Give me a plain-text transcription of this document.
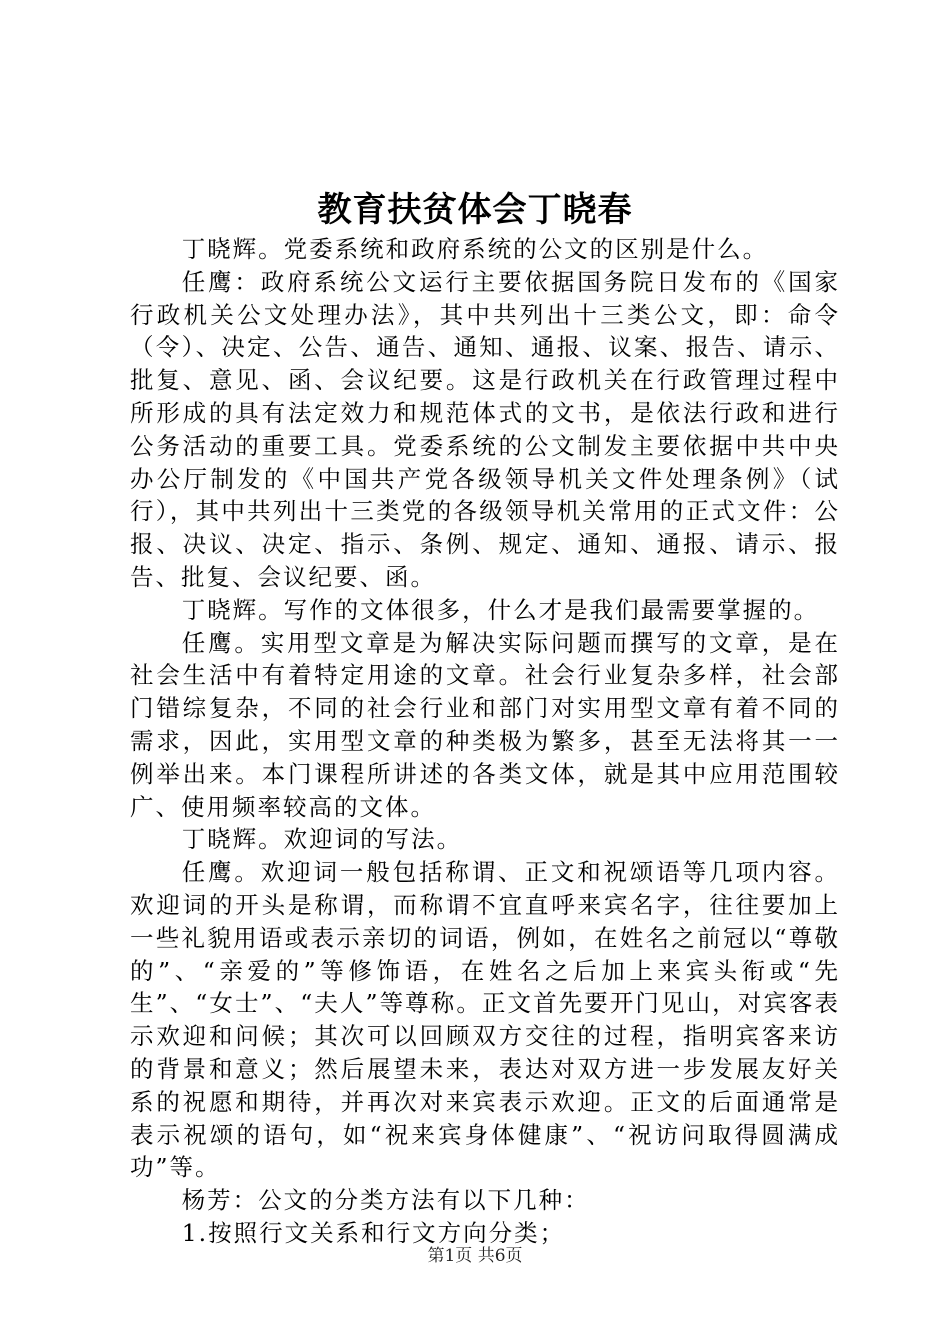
教育扶贫体会丁晓春

丁晓辉。党委系统和政府系统的公文的区别是什么。

任鹰：政府系统公文运行主要依据国务院日发布的《国家行政机关公文处理办法》，其中共列出十三类公文，即：命令（令）、决定、公告、通告、通知、通报、议案、报告、请示、批复、意见、函、会议纪要。这是行政机关在行政管理过程中所形成的具有法定效力和规范体式的文书，是依法行政和进行公务活动的重要工具。党委系统的公文制发主要依据中共中央办公厅制发的《中国共产党各级领导机关文件处理条例》（试行），其中共列出十三类党的各级领导机关常用的正式文件：公报、决议、决定、指示、条例、规定、通知、通报、请示、报告、批复、会议纪要、函。

丁晓辉。写作的文体很多，什么才是我们最需要掌握的。

任鹰。实用型文章是为解决实际问题而撰写的文章，是在社会生活中有着特定用途的文章。社会行业复杂多样，社会部门错综复杂，不同的社会行业和部门对实用型文章有着不同的需求，因此，实用型文章的种类极为繁多，甚至无法将其一一例举出来。本门课程所讲述的各类文体，就是其中应用范围较广、使用频率较高的文体。

丁晓辉。欢迎词的写法。

任鹰。欢迎词一般包括称谓、正文和祝颂语等几项内容。欢迎词的开头是称谓，而称谓不宜直呼来宾名字，往往要加上一些礼貌用语或表示亲切的词语，例如，在姓名之前冠以“尊敬的”、“亲爱的”等修饰语，在姓名之后加上来宾头衔或“先生”、“女士”、“夫人”等尊称。正文首先要开门见山，对宾客表示欢迎和问候；其次可以回顾双方交往的过程，指明宾客来访的背景和意义；然后展望未来，表达对双方进一步发展友好关系的祝愿和期待，并再次对来宾表示欢迎。正文的后面通常是表示祝颂的语句，如“祝来宾身体健康”、“祝访问取得圆满成功”等。

杨芳：公文的分类方法有以下几种：

1.按照行文关系和行文方向分类；

第1页 共6页
